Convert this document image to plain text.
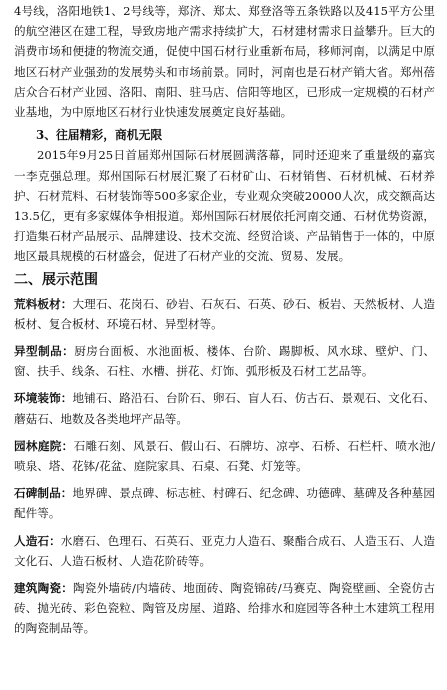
4号线，洛阳地铁1、2号线等，郑济、郑太、郑登洛等五条铁路以及415平方公里的航空港区在建工程，导致房地产需求持续扩大，石材建材需求日益攀升。巨大的消费市场和便捷的物流交通，促使中国石材行业重新布局，移师河南，以满足中原地区石材产业强劲的发展势头和市场前景。同时，河南也是石材产销大省。郑州蓓店众合石材产业园、洛阳、南阳、驻马店、信阳等地区，已形成一定规模的石材产业基地，为中原地区石材行业快速发展奠定良好基础。

3、往届精彩，商机无限

2015年9月25日首届郑州国际石材展圆满落幕，同时还迎来了重量级的嘉宾一李克强总理。郑州国际石材展汇聚了石材矿山、石材销售、石材机械、石材养护、石材荒料、石材装饰等500多家企业，专业观众突破20000人次，成交额高达13.5亿，更有多家媒体争相报道。郑州国际石材展依托河南交通、石材优势资源，打造集石材产品展示、品牌建设、技术交流、经贸洽谈、产品销售于一体的，中原地区最具规模的石材盛会，促进了石材产业的交流、贸易、发展。

二、展示范围

荒料板材：大理石、花岗石、砂岩、石灰石、石英、砂石、板岩、天然板材、人造板材、复合板材、环境石材、异型材等。

异型制品：厨房台面板、水池面板、楼体、台阶、踢脚板、风水球、壁炉、门、窗、扶手、线条、石柱、水槽、拼花、灯饰、弧形板及石材工艺品等。

环境装饰：地铺石、路沿石、台阶石、卵石、盲人石、仿古石、景观石、文化石、蘑菇石、地数及各类地坪产品等。

园林庭院：石雕石刻、风景石、假山石、石牌坊、凉亭、石桥、石栏杆、喷水池/喷泉、塔、花钵/花盆、庭院家具、石桌、石凳、灯笼等。

石碑制品：地界碑、景点碑、标志桩、村碑石、纪念碑、功德碑、墓碑及各种墓园配件等。

人造石：水磨石、色理石、石英石、亚克力人造石、聚酯合成石、人造玉石、人造文化石、人造石板材、人造花阶砖等。

建筑陶瓷：陶瓷外墙砖/内墙砖、地面砖、陶瓷锦砖/马赛克、陶瓷壁画、全瓷仿古砖、抛光砖、彩色瓷粒、陶管及房屋、道路、给排水和庭园等各种土木建筑工程用的陶瓷制品等。
